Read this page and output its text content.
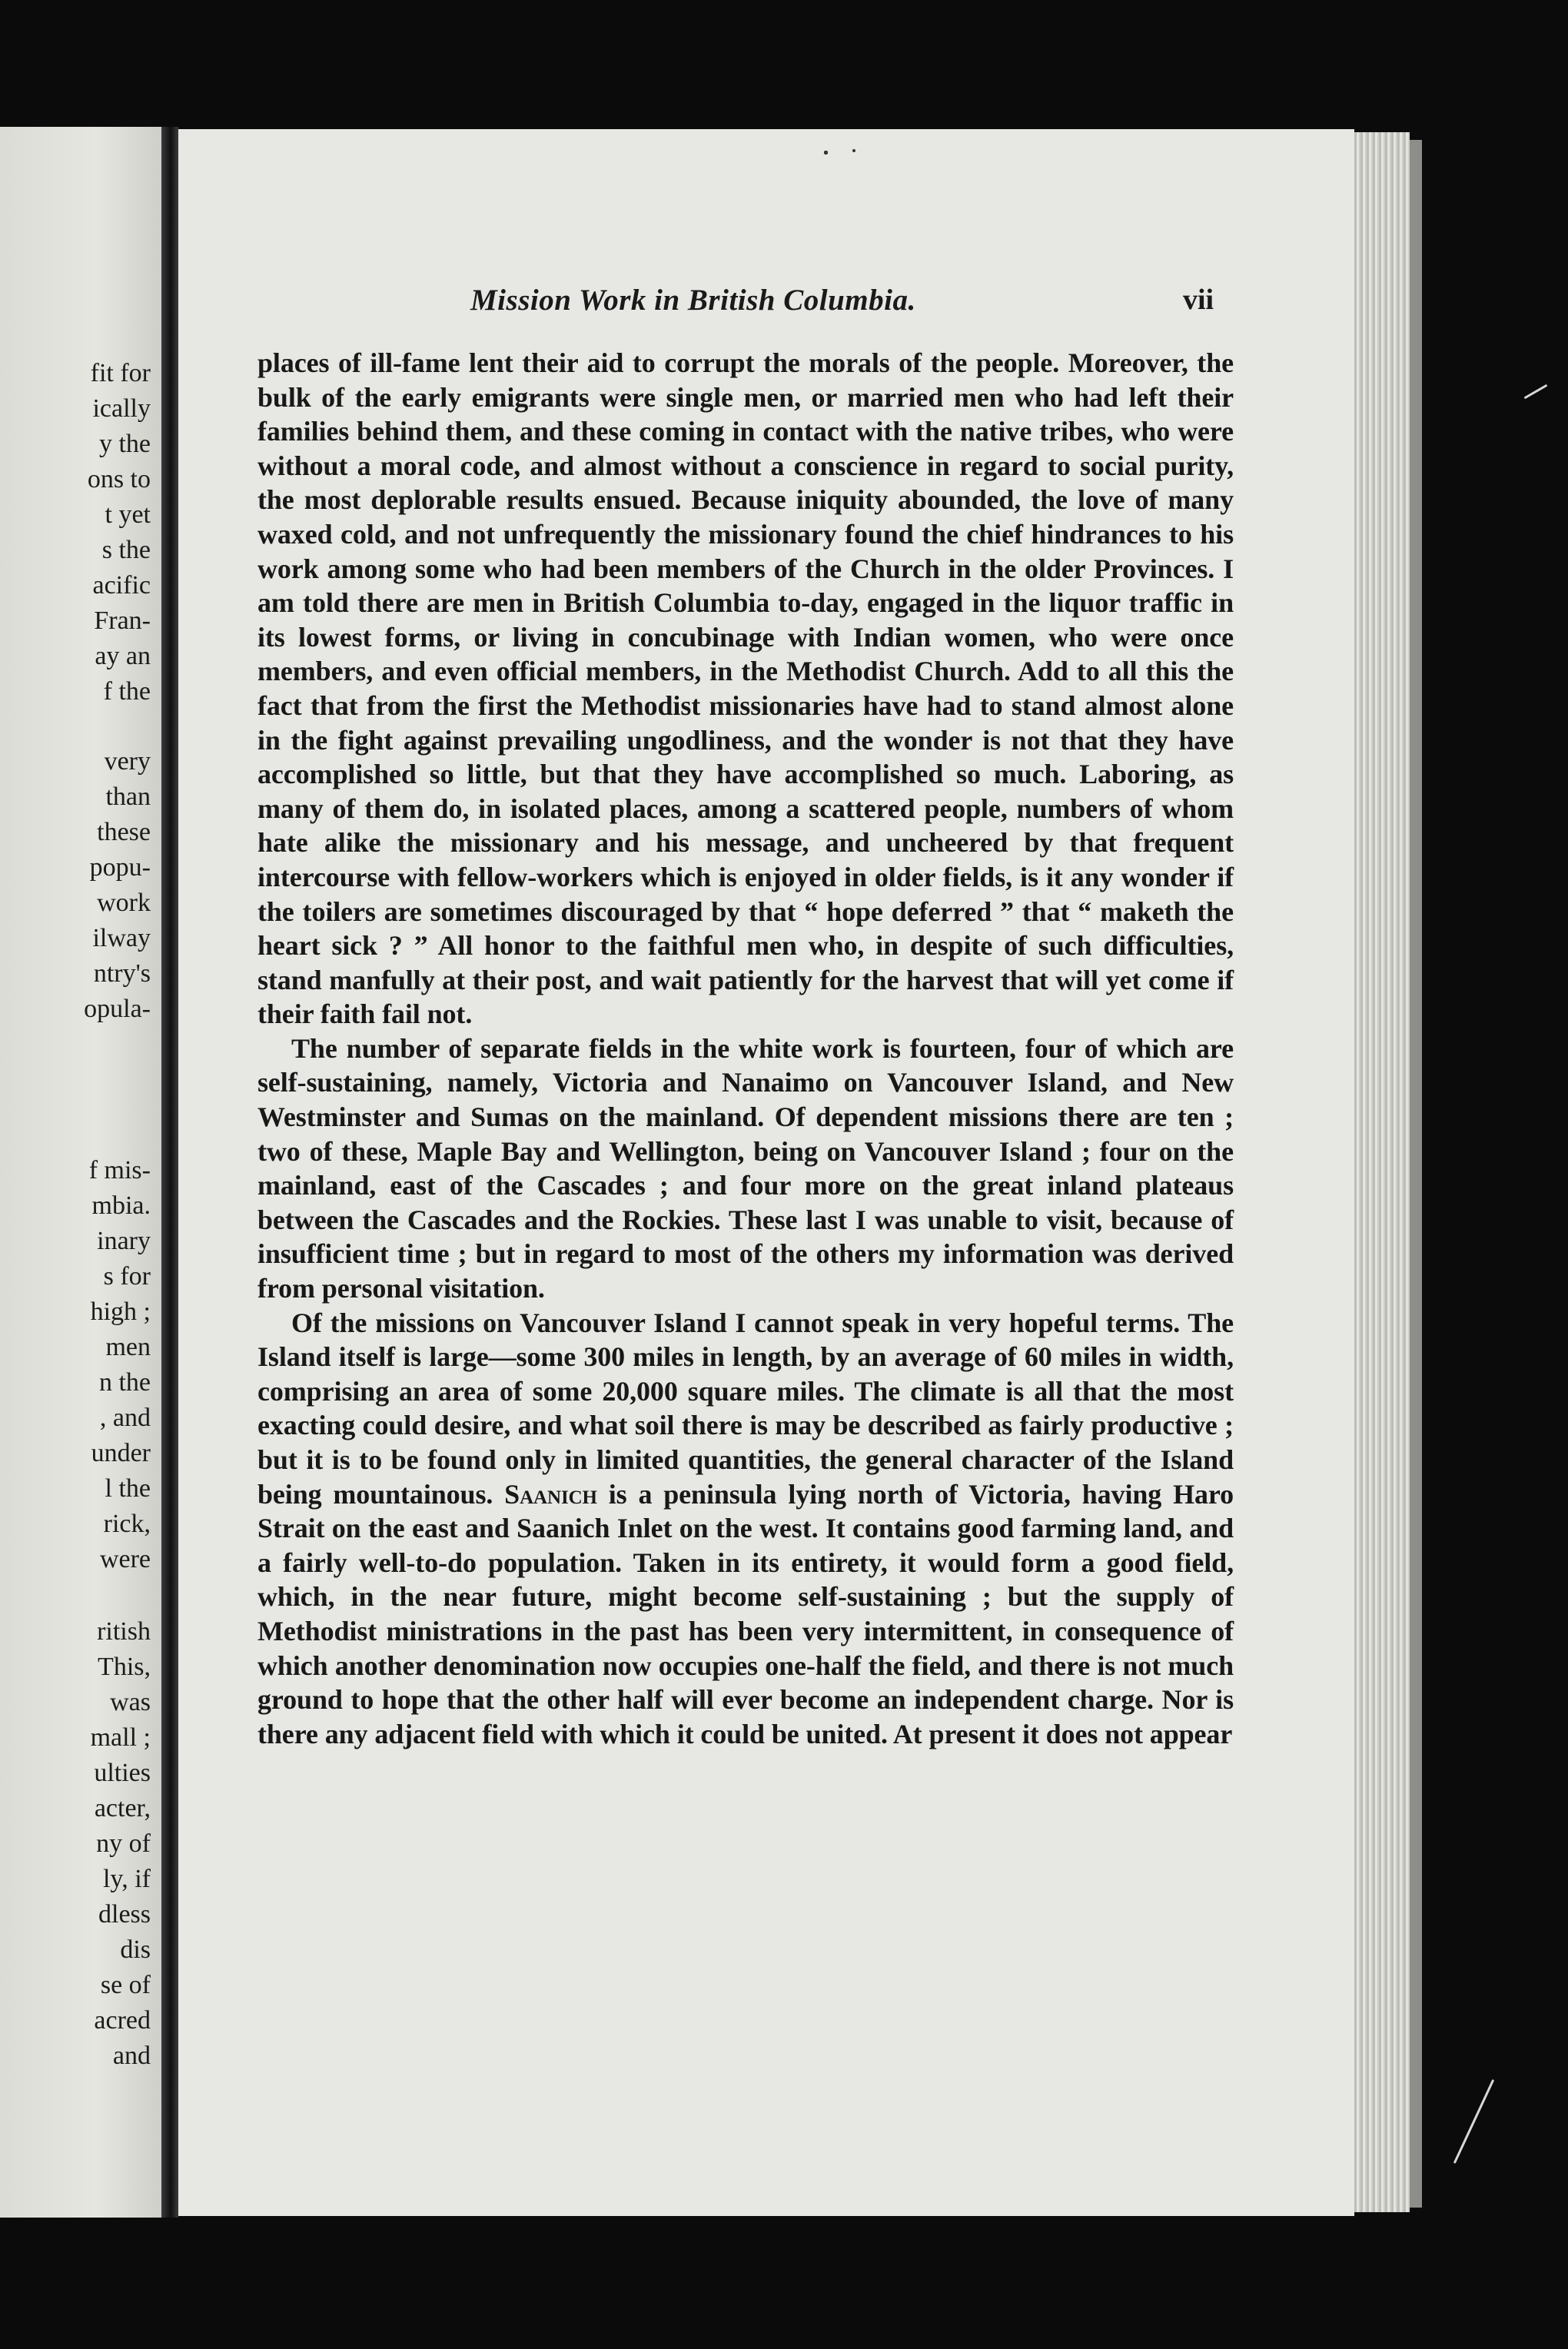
fit for
ically
y the
ons to
t yet
s the
acific
Fran-
ay an
f the
very
than
these
popu-
work
ilway
ntry's
opula-
f mis-
mbia.
inary
s for
high ;
men
n the
, and
under
l the
rick,
were
ritish
This,
was
mall ;
ulties
acter,
ny of
ly, if
dless
dis
se of
acred
and
Mission Work in British Columbia.	vii

places of ill-fame lent their aid to corrupt the morals of the people. Moreover, the bulk of the early emigrants were single men, or married men who had left their families behind them, and these coming in contact with the native tribes, who were without a moral code, and almost without a conscience in regard to social purity, the most deplorable results ensued. Because iniquity abounded, the love of many waxed cold, and not unfrequently the missionary found the chief hindrances to his work among some who had been members of the Church in the older Provinces. I am told there are men in British Columbia to-day, engaged in the liquor traffic in its lowest forms, or living in concubinage with Indian women, who were once members, and even official members, in the Methodist Church. Add to all this the fact that from the first the Methodist missionaries have had to stand almost alone in the fight against prevailing ungodliness, and the wonder is not that they have accomplished so little, but that they have accomplished so much. Laboring, as many of them do, in isolated places, among a scattered people, numbers of whom hate alike the missionary and his message, and uncheered by that frequent intercourse with fellow-workers which is enjoyed in older fields, is it any wonder if the toilers are sometimes discouraged by that “ hope deferred ” that “ maketh the heart sick ? ” All honor to the faithful men who, in despite of such difficulties, stand manfully at their post, and wait patiently for the harvest that will yet come if their faith fail not.

The number of separate fields in the white work is fourteen, four of which are self-sustaining, namely, Victoria and Nanaimo on Vancouver Island, and New Westminster and Sumas on the mainland. Of dependent missions there are ten ; two of these, Maple Bay and Wellington, being on Vancouver Island ; four on the mainland, east of the Cascades ; and four more on the great inland plateaus between the Cascades and the Rockies. These last I was unable to visit, because of insufficient time ; but in regard to most of the others my information was derived from personal visitation.

Of the missions on Vancouver Island I cannot speak in very hopeful terms. The Island itself is large—some 300 miles in length, by an average of 60 miles in width, comprising an area of some 20,000 square miles. The climate is all that the most exacting could desire, and what soil there is may be described as fairly productive ; but it is to be found only in limited quantities, the general character of the Island being mountainous. Saanich is a peninsula lying north of Victoria, having Haro Strait on the east and Saanich Inlet on the west. It contains good farming land, and a fairly well-to-do population. Taken in its entirety, it would form a good field, which, in the near future, might become self-sustaining ; but the supply of Methodist ministrations in the past has been very intermittent, in consequence of which another denomination now occupies one-half the field, and there is not much ground to hope that the other half will ever become an independent charge. Nor is there any adjacent field with which it could be united. At present it does not appear
